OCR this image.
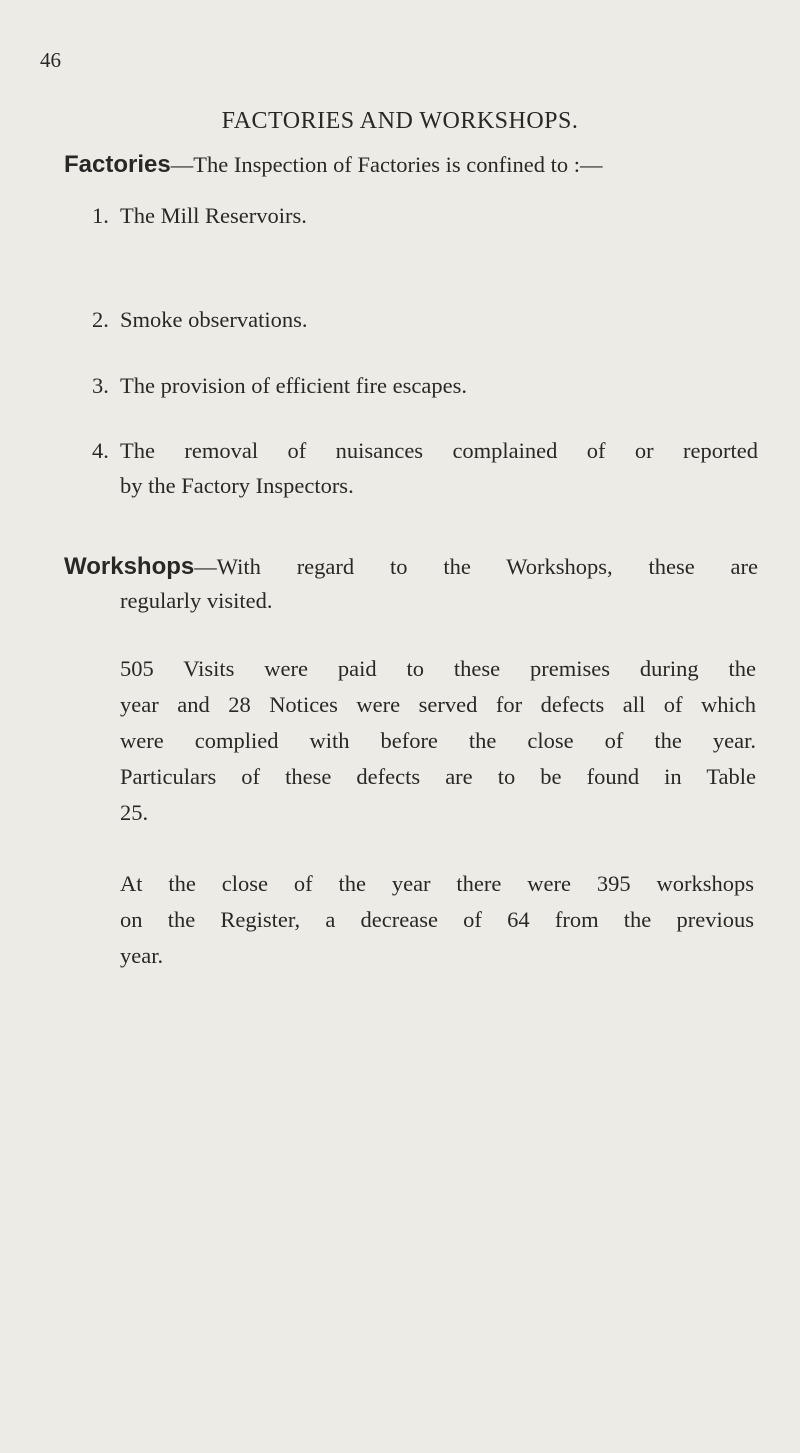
46
FACTORIES AND WORKSHOPS.
Factories—The Inspection of Factories is confined to :—
1. The Mill Reservoirs.
2. Smoke observations.
3. The provision of efficient fire escapes.
4. The removal of nuisances complained of or reported
by the Factory Inspectors.
Workshops—With regard to the Workshops, these are
regularly visited.
505 Visits were paid to these premises during the
year and 28 Notices were served for defects all of which
were complied with before the close of the year.
Particulars of these defects are to be found in Table
25.
At the close of the year there were 395 workshops
on the Register, a decrease of 64 from the previous
year.
